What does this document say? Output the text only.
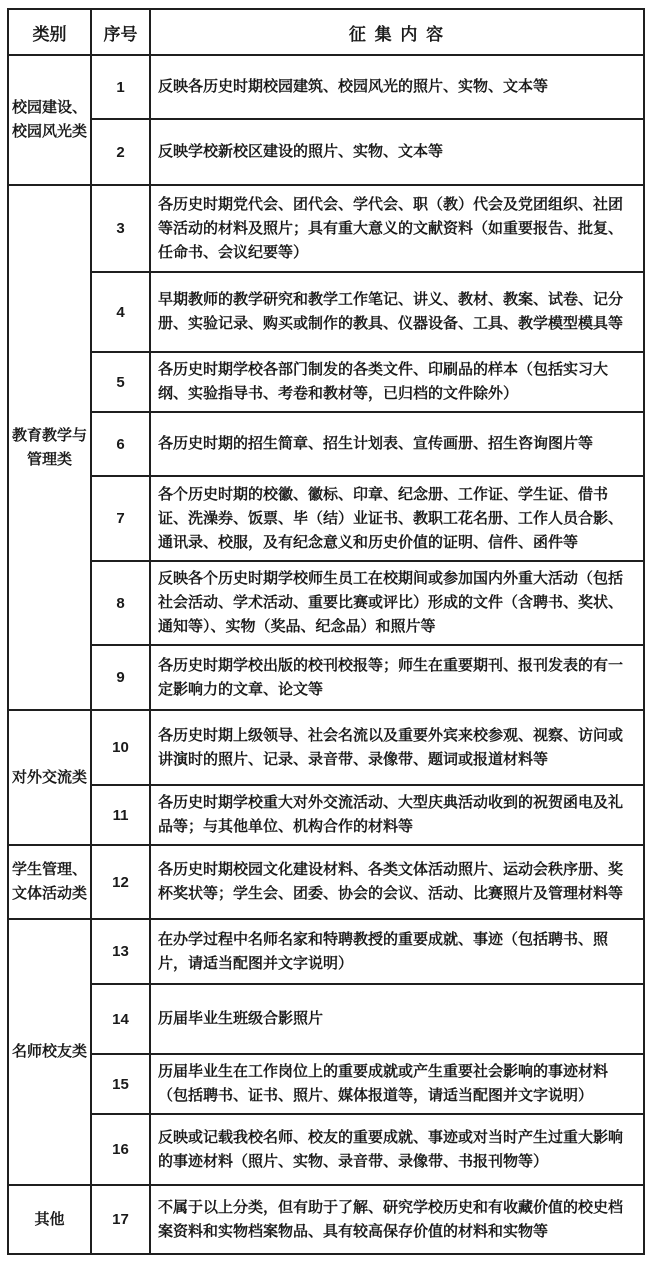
类别	序号	征 集 内 容
校园建设、校园风光类	1	反映各历史时期校园建筑、校园风光的照片、实物、文本等
	2	反映学校新校区建设的照片、实物、文本等
教育教学与管理类	3	各历史时期党代会、团代会、学代会、职（教）代会及党团组织、社团等活动的材料及照片；具有重大意义的文献资料（如重要报告、批复、任命书、会议纪要等）
	4	早期教师的教学研究和教学工作笔记、讲义、教材、教案、试卷、记分册、实验记录、购买或制作的教具、仪器设备、工具、教学模型模具等
	5	各历史时期学校各部门制发的各类文件、印刷品的样本（包括实习大纲、实验指导书、考卷和教材等，已归档的文件除外）
	6	各历史时期的招生简章、招生计划表、宣传画册、招生咨询图片等
	7	各个历史时期的校徽、徽标、印章、纪念册、工作证、学生证、借书证、洗澡券、饭票、毕（结）业证书、教职工花名册、工作人员合影、通讯录、校服，及有纪念意义和历史价值的证明、信件、函件等
	8	反映各个历史时期学校师生员工在校期间或参加国内外重大活动（包括社会活动、学术活动、重要比赛或评比）形成的文件（含聘书、奖状、通知等）、实物（奖品、纪念品）和照片等
	9	各历史时期学校出版的校刊校报等；师生在重要期刊、报刊发表的有一定影响力的文章、论文等
对外交流类	10	各历史时期上级领导、社会名流以及重要外宾来校参观、视察、访问或讲演时的照片、记录、录音带、录像带、题词或报道材料等
	11	各历史时期学校重大对外交流活动、大型庆典活动收到的祝贺函电及礼品等；与其他单位、机构合作的材料等
学生管理、文体活动类	12	各历史时期校园文化建设材料、各类文体活动照片、运动会秩序册、奖杯奖状等；学生会、团委、协会的会议、活动、比赛照片及管理材料等
名师校友类	13	在办学过程中名师名家和特聘教授的重要成就、事迹（包括聘书、照片，请适当配图并文字说明）
	14	历届毕业生班级合影照片
	15	历届毕业生在工作岗位上的重要成就或产生重要社会影响的事迹材料（包括聘书、证书、照片、媒体报道等，请适当配图并文字说明）
	16	反映或记载我校名师、校友的重要成就、事迹或对当时产生过重大影响的事迹材料（照片、实物、录音带、录像带、书报刊物等）
其他	17	不属于以上分类，但有助于了解、研究学校历史和有收藏价值的校史档案资料和实物档案物品、具有较高保存价值的材料和实物等
